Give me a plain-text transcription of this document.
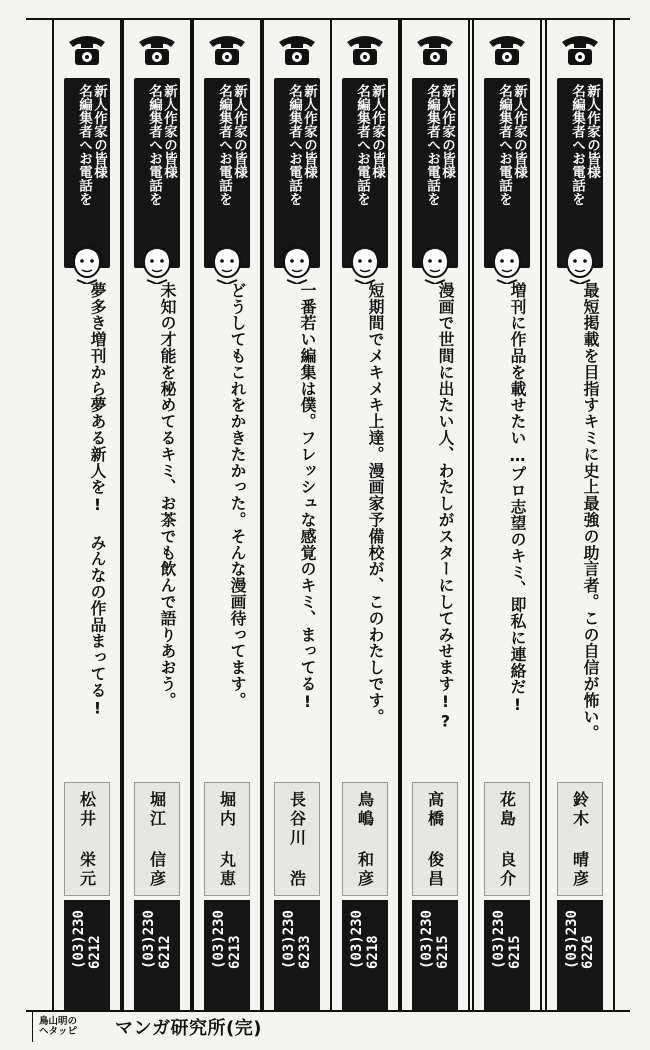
新人作家の皆様
名編集者へお電話を
最短掲載を目指すキミに史上最強の助言者。この自信が怖い。
鈴木 晴彦
(03)230
6226
新人作家の皆様
名編集者へお電話を
増刊に作品を載せたい…プロ志望のキミ、即私に連絡だ!
花島 良介
(03)230
6215
新人作家の皆様
名編集者へお電話を
漫画で世間に出たい人、わたしがスターにしてみせます!?
高橋 俊昌
(03)230
6215
新人作家の皆様
名編集者へお電話を
短期間でメキメキ上達。漫画家予備校が、このわたしです。
鳥嶋 和彦
(03)230
6218
新人作家の皆様
名編集者へお電話を
一番若い編集は僕。フレッシュな感覚のキミ、まってる!
長谷川 浩
(03)230
6233
新人作家の皆様
名編集者へお電話を
どうしてもこれをかきたかった。そんな漫画待ってます。
堀内 丸恵
(03)230
6213
新人作家の皆様
名編集者へお電話を
未知の才能を秘めてるキミ、お茶でも飲んで語りあおう。
堀江 信彦
(03)230
6212
新人作家の皆様
名編集者へお電話を
夢多き増刊から夢ある新人を! みんなの作品まってる!
松井 栄元
(03)230
6212
鳥山明の
ヘタッピ	マンガ研究所(完)
